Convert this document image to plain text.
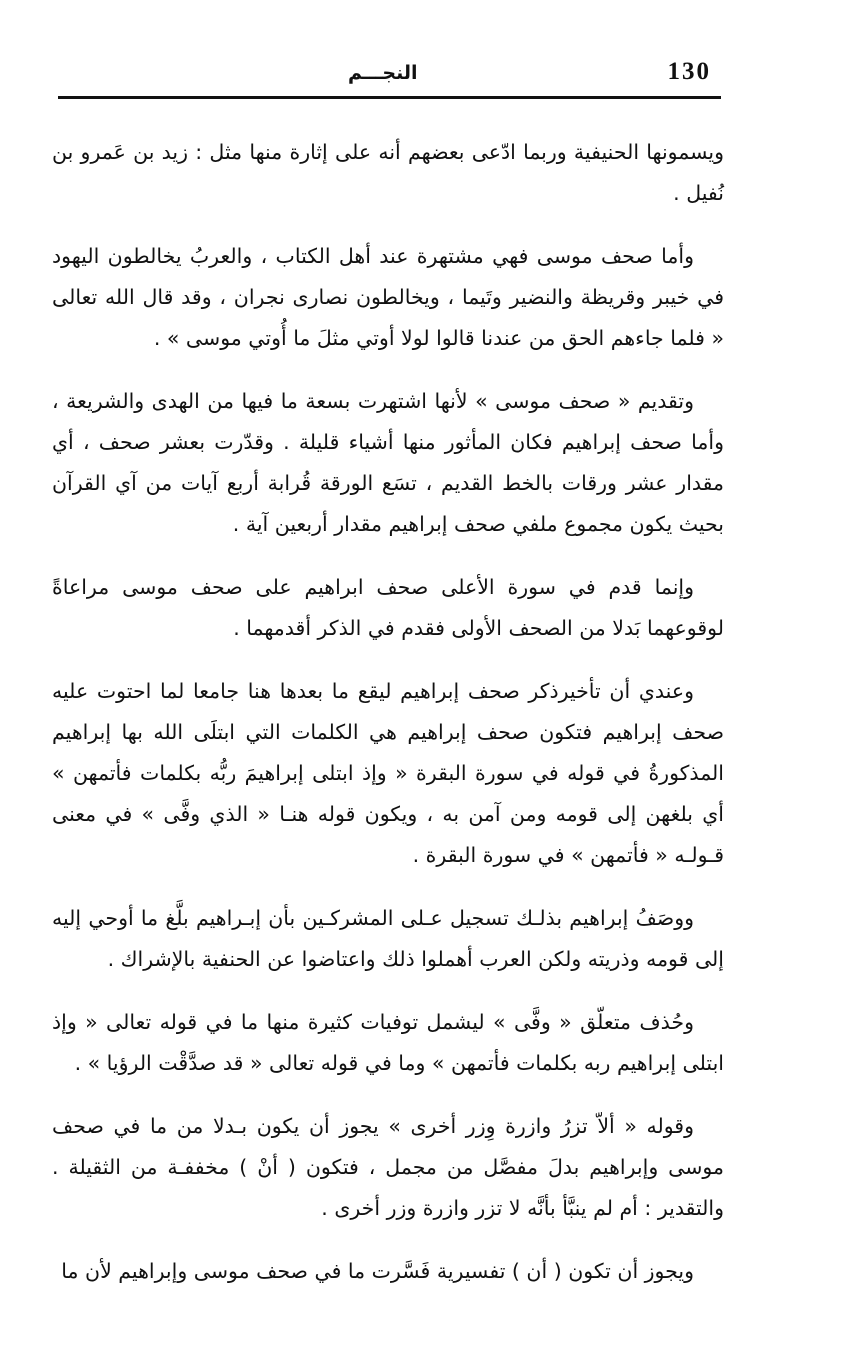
130
النجـــم

ويسمونها الحنيفية وربما ادّعى بعضهم أنه على إثارة منها مثل : زيد بن عَمرو بن نُفيل .

وأما صحف موسى فهي مشتهرة عند أهل الكتاب ، والعربُ يخالطون اليهود في خيبر وقريظة والنضير وتَيما ، ويخالطون نصارى نجران ، وقد قال الله تعالى « فلما جاءهم الحق من عندنا قالوا لولا أوتي مثلَ ما أُوتي موسى » .

وتقديم « صحف موسى » لأنها اشتهرت بسعة ما فيها من الهدى والشريعة ، وأما صحف إبراهيم فكان المأثور منها أشياء قليلة . وقدّرت بعشر صحف ، أي مقدار عشر ورقات بالخط القديم ، تسَع الورقة قُرابة أربع آيات من آي القرآن بحيث يكون مجموع ملفي صحف إبراهيم مقدار أربعين آية .

وإنما قدم في سورة الأعلى صحف ابراهيم على صحف موسى مراعاةً لوقوعهما بَدلا من الصحف الأولى فقدم في الذكر أقدمهما .

وعندي أن تأخيرذكر صحف إبراهيم ليقع ما بعدها هنا جامعا لما احتوت عليه صحف إبراهيم فتكون صحف إبراهيم هي الكلمات التي ابتلَى الله بها إبراهيم المذكورةُ في قوله في سورة البقرة « وإذ ابتلى إبراهيمَ ربُّه بكلمات فأتمهن » أي بلغهن إلى قومه ومن آمن به ، ويكون قوله هنـا « الذي وفَّى » في معنى قـولـه « فأتمهن » في سورة البقرة .

ووصَفُ إبراهيم بذلـك تسجيل عـلى المشركـين بأن إبـراهيم بلَّغ ما أوحي إليه إلى قومه وذريته ولكن العرب أهملوا ذلك واعتاضوا عن الحنفية بالإشراك .

وحُذف متعلّق « وفَّى » ليشمل توفيات كثيرة منها ما في قوله تعالى « وإذ ابتلى إبراهيم ربه بكلمات فأتمهن » وما في قوله تعالى « قد صدَّقْت الرؤيا » .

وقوله « ألاّ تزرُ وازرة وِزر أخرى » يجوز أن يكون بـدلا من ما في صحف موسى وإبراهيم بدلَ مفصَّل من مجمل ، فتكون ( أنْ ) مخففـة من الثقيلة . والتقدير : أم لم ينبَّأ بأنَّه لا تزر وازرة وزر أخرى .

ويجوز أن تكون ( أن ) تفسيرية فَسَّرت ما في صحف موسى وإبراهيم لأن ما
